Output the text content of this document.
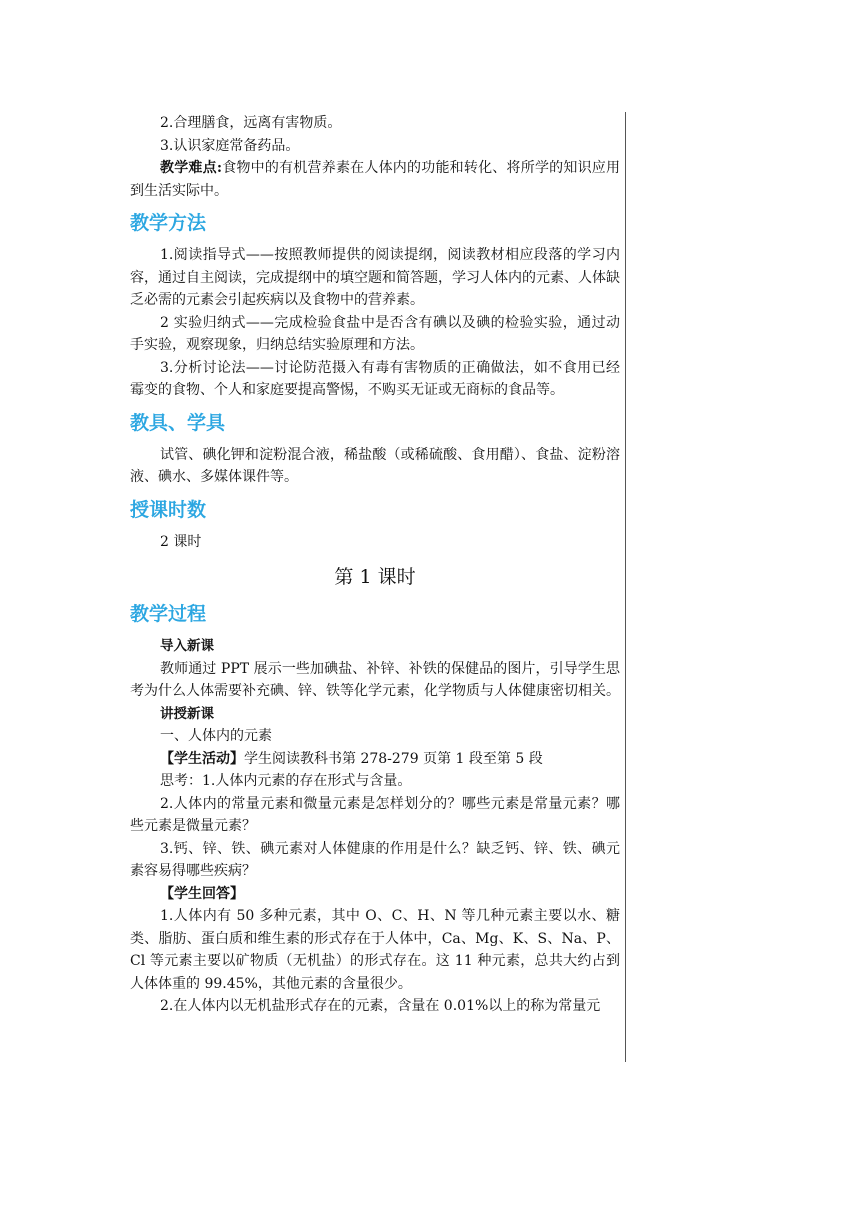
2.合理膳食，远离有害物质。

3.认识家庭常备药品。

教学难点:食物中的有机营养素在人体内的功能和转化、将所学的知识应用到生活实际中。

教学方法

1.阅读指导式——按照教师提供的阅读提纲，阅读教材相应段落的学习内容，通过自主阅读，完成提纲中的填空题和简答题，学习人体内的元素、人体缺乏必需的元素会引起疾病以及食物中的营养素。

2 实验归纳式——完成检验食盐中是否含有碘以及碘的检验实验，通过动手实验，观察现象，归纳总结实验原理和方法。

3.分析讨论法——讨论防范摄入有毒有害物质的正确做法，如不食用已经霉变的食物、个人和家庭要提高警惕，不购买无证或无商标的食品等。

教具、学具

试管、碘化钾和淀粉混合液，稀盐酸（或稀硫酸、食用醋）、食盐、淀粉溶液、碘水、多媒体课件等。

授课时数

2 课时

第 1 课时

教学过程

导入新课

教师通过 PPT 展示一些加碘盐、补锌、补铁的保健品的图片，引导学生思考为什么人体需要补充碘、锌、铁等化学元素，化学物质与人体健康密切相关。

讲授新课

一、人体内的元素

【学生活动】学生阅读教科书第 278-279 页第 1 段至第 5 段

思考：1.人体内元素的存在形式与含量。

2.人体内的常量元素和微量元素是怎样划分的？哪些元素是常量元素？哪些元素是微量元素？

3.钙、锌、铁、碘元素对人体健康的作用是什么？缺乏钙、锌、铁、碘元素容易得哪些疾病？

【学生回答】

1.人体内有 50 多种元素，其中 O、C、H、N 等几种元素主要以水、糖类、脂肪、蛋白质和维生素的形式存在于人体中，Ca、Mg、K、S、Na、P、Cl 等元素主要以矿物质（无机盐）的形式存在。这 11 种元素，总共大约占到人体体重的 99.45%，其他元素的含量很少。

2.在人体内以无机盐形式存在的元素，含量在 0.01%以上的称为常量元
